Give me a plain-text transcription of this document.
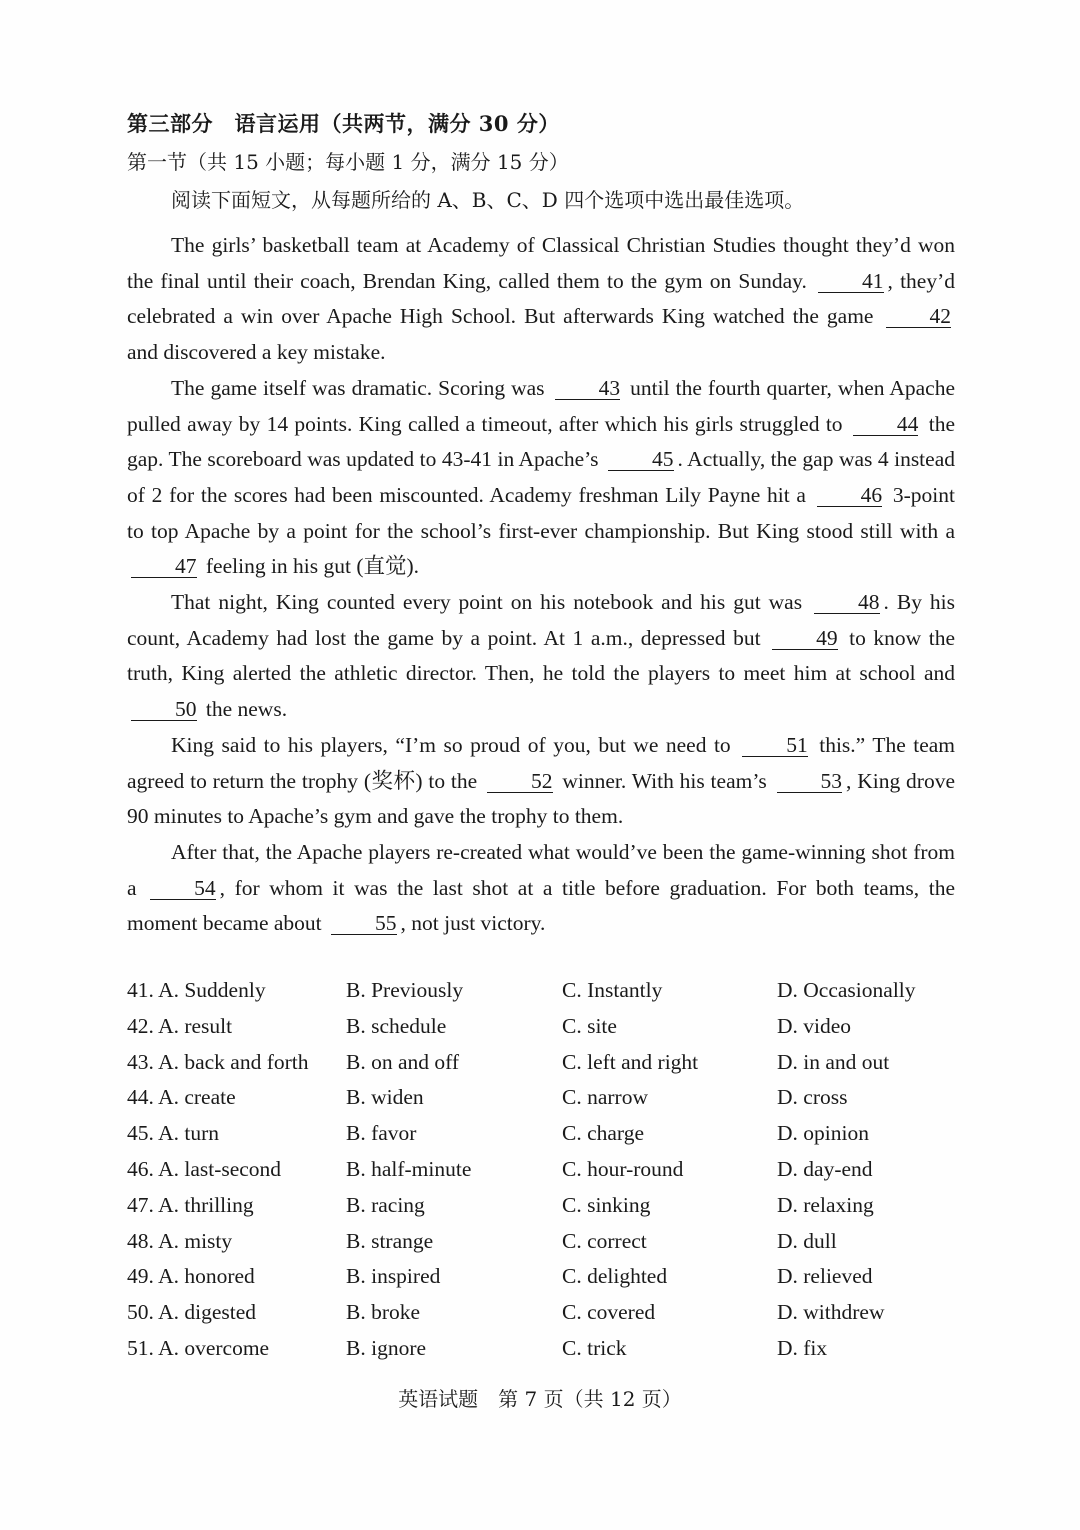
第三部分　语言运用（共两节，满分 30 分）
第一节（共 15 小题；每小题 1 分，满分 15 分）
阅读下面短文，从每题所给的 A、B、C、D 四个选项中选出最佳选项。

The girls’ basketball team at Academy of Classical Christian Studies thought they’d won the final until their coach, Brendan King, called them to the gym on Sunday.	41 , they’d celebrated a win over Apache High School. But afterwards King watched the game	42 and discovered a key mistake.

The game itself was dramatic. Scoring was	43 until the fourth quarter, when Apache pulled away by 14 points. King called a timeout, after which his girls struggled to	44 the gap. The scoreboard was updated to 43-41 in Apache’s 45 . Actually, the gap was 4 instead of 2 for the scores had been miscounted. Academy freshman Lily Payne hit a	46 3-point to top Apache by a point for the school’s first-ever championship. But King stood still with a 47 feeling in his gut (直觉).

That night, King counted every point on his notebook and his gut was	48 . By his count, Academy had lost the game by a point. At 1 a.m., depressed but	49 to know the truth, King alerted the athletic director. Then, he told the players to meet him at school and 50 the news.

King said to his players, “I’m so proud of you, but we need to	51 this.” The team agreed to return the trophy (奖杯) to the	52 winner. With his team’s	53 , King drove 90 minutes to Apache’s gym and gave the trophy to them.

After that, the Apache players re-created what would’ve been the game-winning shot from a	54 , for whom it was the last shot at a title before graduation. For both teams, the moment became about 55 , not just victory.

41. A. Suddenly	B. Previously	C. Instantly	D. Occasionally
42. A. result	B. schedule	C. site	D. video
43. A. back and forth B. on and off	C. left and right	D. in and out
44. A. create	B. widen	C. narrow	D. cross
45. A. turn	B. favor	C. charge	D. opinion
46. A. last-second	B. half-minute	C. hour-round	D. day-end
47. A. thrilling	B. racing	C. sinking	D. relaxing
48. A. misty	B. strange	C. correct	D. dull
49. A. honored	B. inspired	C. delighted	D. relieved
50. A. digested	B. broke	C. covered	D. withdrew
51. A. overcome	B. ignore	C. trick	D. fix
英语试题　第 7 页（共 12 页）
